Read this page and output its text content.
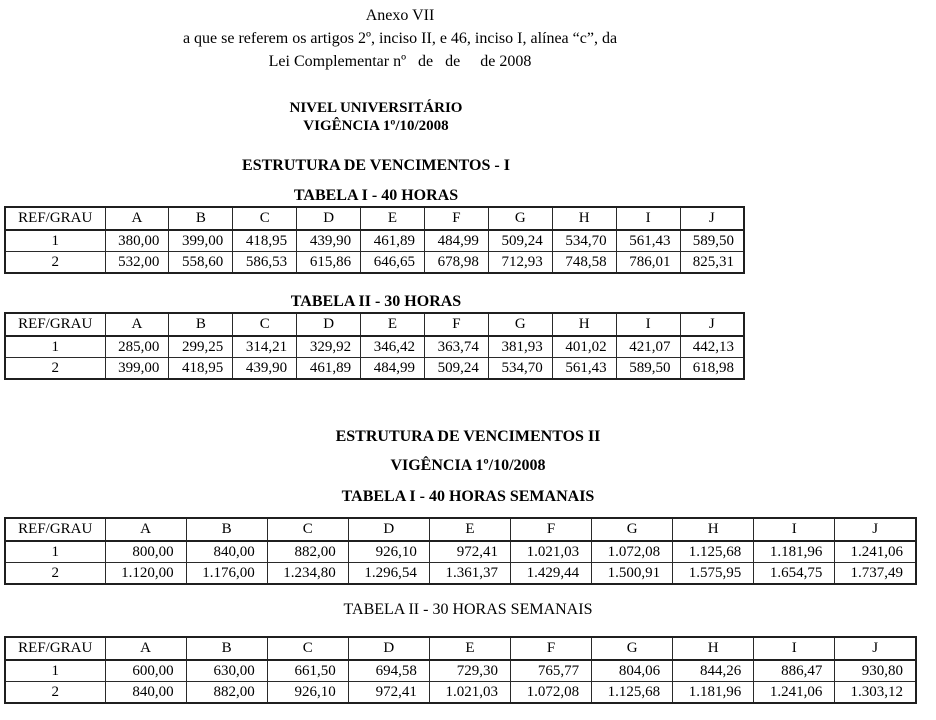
Anexo VII
a que se referem os artigos 2º, inciso II, e 46, inciso I, alínea “c”, da
Lei Complementar nº   de   de     de 2008
NIVEL UNIVERSITÁRIO
VIGÊNCIA 1º/10/2008
ESTRUTURA DE VENCIMENTOS - I
TABELA I - 40 HORAS
REF/GRAU	A	B	C	D	E	F	G	H	I	J
1	380,00	399,00	418,95	439,90	461,89	484,99	509,24	534,70	561,43	589,50
2	532,00	558,60	586,53	615,86	646,65	678,98	712,93	748,58	786,01	825,31
TABELA II - 30 HORAS
REF/GRAU	A	B	C	D	E	F	G	H	I	J
1	285,00	299,25	314,21	329,92	346,42	363,74	381,93	401,02	421,07	442,13
2	399,00	418,95	439,90	461,89	484,99	509,24	534,70	561,43	589,50	618,98
ESTRUTURA DE VENCIMENTOS II
VIGÊNCIA 1º/10/2008
TABELA I - 40 HORAS SEMANAIS
REF/GRAU	A	B	C	D	E	F	G	H	I	J
1	800,00	840,00	882,00	926,10	972,41	1.021,03	1.072,08	1.125,68	1.181,96	1.241,06
2	1.120,00	1.176,00	1.234,80	1.296,54	1.361,37	1.429,44	1.500,91	1.575,95	1.654,75	1.737,49
TABELA II - 30 HORAS SEMANAIS
REF/GRAU	A	B	C	D	E	F	G	H	I	J
1	600,00	630,00	661,50	694,58	729,30	765,77	804,06	844,26	886,47	930,80
2	840,00	882,00	926,10	972,41	1.021,03	1.072,08	1.125,68	1.181,96	1.241,06	1.303,12
